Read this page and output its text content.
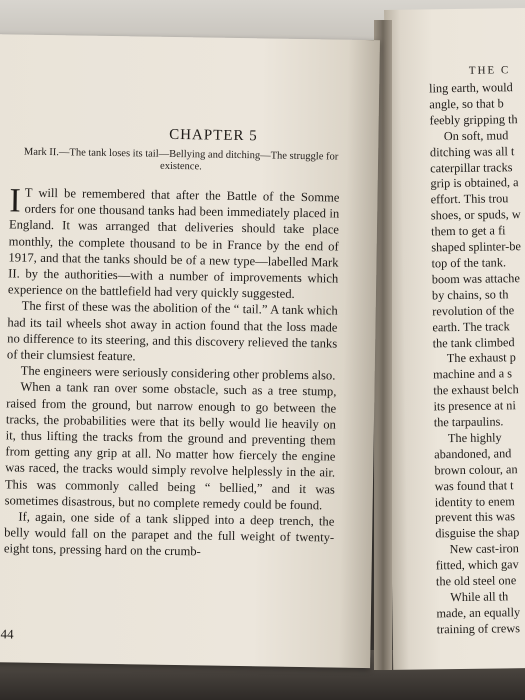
THE C
ling earth, would
angle, so that b
feebly gripping th
On soft, mud
ditching was all t
caterpillar tracks
grip is obtained, a
effort. This trou
shoes, or spuds, w
them to get a fi
shaped splinter-be
top of the tank.
boom was attache
by chains, so th
revolution of the
earth. The track
the tank climbed
The exhaust p
machine and a s
the exhaust belch
its presence at ni
the tarpaulins.
The highly
abandoned, and
brown colour, an
was found that t
identity to enem
prevent this was
disguise the shap
New cast-iron
fitted, which gav
the old steel one
While all th
made, an equally
training of crews
CHAPTER 5
Mark II.—The tank loses its tail—Bellying and ditching—The struggle for existence.

I T will be remembered that after the Battle of the Somme orders for one thousand tanks had been immediately placed in England. It was arranged that deliveries should take place monthly, the complete thousand to be in France by the end of 1917, and that the tanks should be of a new type—labelled Mark II. by the authorities—with a number of improvements which experience on the battlefield had very quickly suggested.

The first of these was the abolition of the “ tail.” A tank which had its tail wheels shot away in action found that the loss made no difference to its steering, and this discovery relieved the tanks of their clumsiest feature.

The engineers were seriously considering other problems also.

When a tank ran over some obstacle, such as a tree stump, raised from the ground, but narrow enough to go between the tracks, the probabilities were that its belly would lie heavily on it, thus lifting the tracks from the ground and preventing them from getting any grip at all. No matter how fiercely the engine was raced, the tracks would simply revolve helplessly in the air. This was commonly called being “ bellied,” and it was sometimes disastrous, but no complete remedy could be found.

If, again, one side of a tank slipped into a deep trench, the belly would fall on the parapet and the full weight of twenty-eight tons, pressing hard on the crumb-

44
